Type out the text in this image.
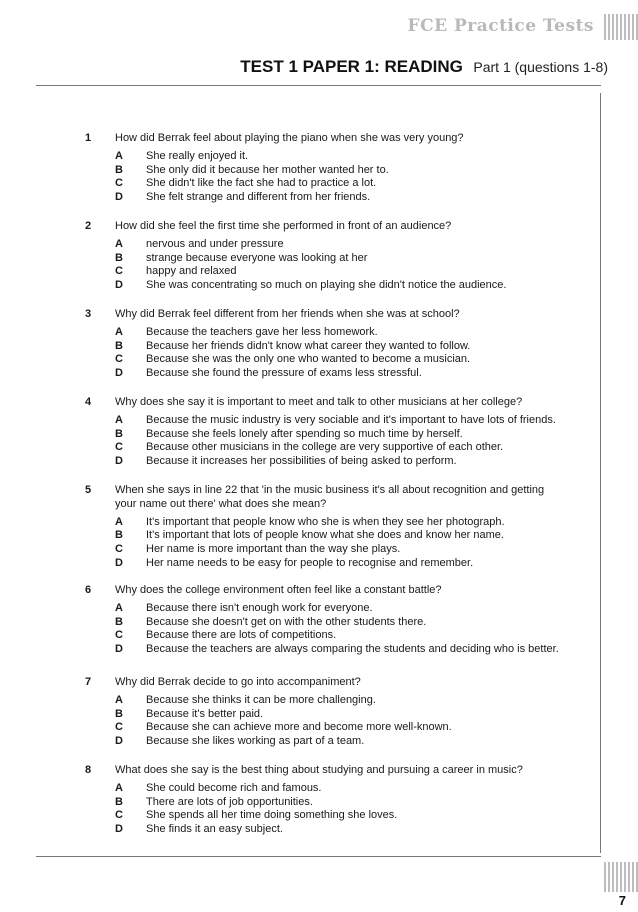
FCE Practice Tests
TEST 1 PAPER 1: READING Part 1 (questions 1-8)
1	How did Berrak feel about playing the piano when she was very young?
A She really enjoyed it.
B She only did it because her mother wanted her to.
C She didn't like the fact she had to practice a lot.
D She felt strange and different from her friends.
2	How did she feel the first time she performed in front of an audience?
A nervous and under pressure
B strange because everyone was looking at her
C happy and relaxed
D She was concentrating so much on playing she didn't notice the audience.
3	Why did Berrak feel different from her friends when she was at school?
A Because the teachers gave her less homework.
B Because her friends didn't know what career they wanted to follow.
C Because she was the only one who wanted to become a musician.
D Because she found the pressure of exams less stressful.
4	Why does she say it is important to meet and talk to other musicians at her college?
A Because the music industry is very sociable and it's important to have lots of friends.
B Because she feels lonely after spending so much time by herself.
C Because other musicians in the college are very supportive of each other.
D Because it increases her possibilities of being asked to perform.
5	When she says in line 22 that 'in the music business it's all about recognition and getting your name out there' what does she mean?
A It's important that people know who she is when they see her photograph.
B It's important that lots of people know what she does and know her name.
C Her name is more important than the way she plays.
D Her name needs to be easy for people to recognise and remember.
6	Why does the college environment often feel like a constant battle?
A Because there isn't enough work for everyone.
B Because she doesn't get on with the other students there.
C Because there are lots of competitions.
D Because the teachers are always comparing the students and deciding who is better.
7	Why did Berrak decide to go into accompaniment?
A Because she thinks it can be more challenging.
B Because it's better paid.
C Because she can achieve more and become more well-known.
D Because she likes working as part of a team.
8	What does she say is the best thing about studying and pursuing a career in music?
A She could become rich and famous.
B There are lots of job opportunities.
C She spends all her time doing something she loves.
D She finds it an easy subject.
7
